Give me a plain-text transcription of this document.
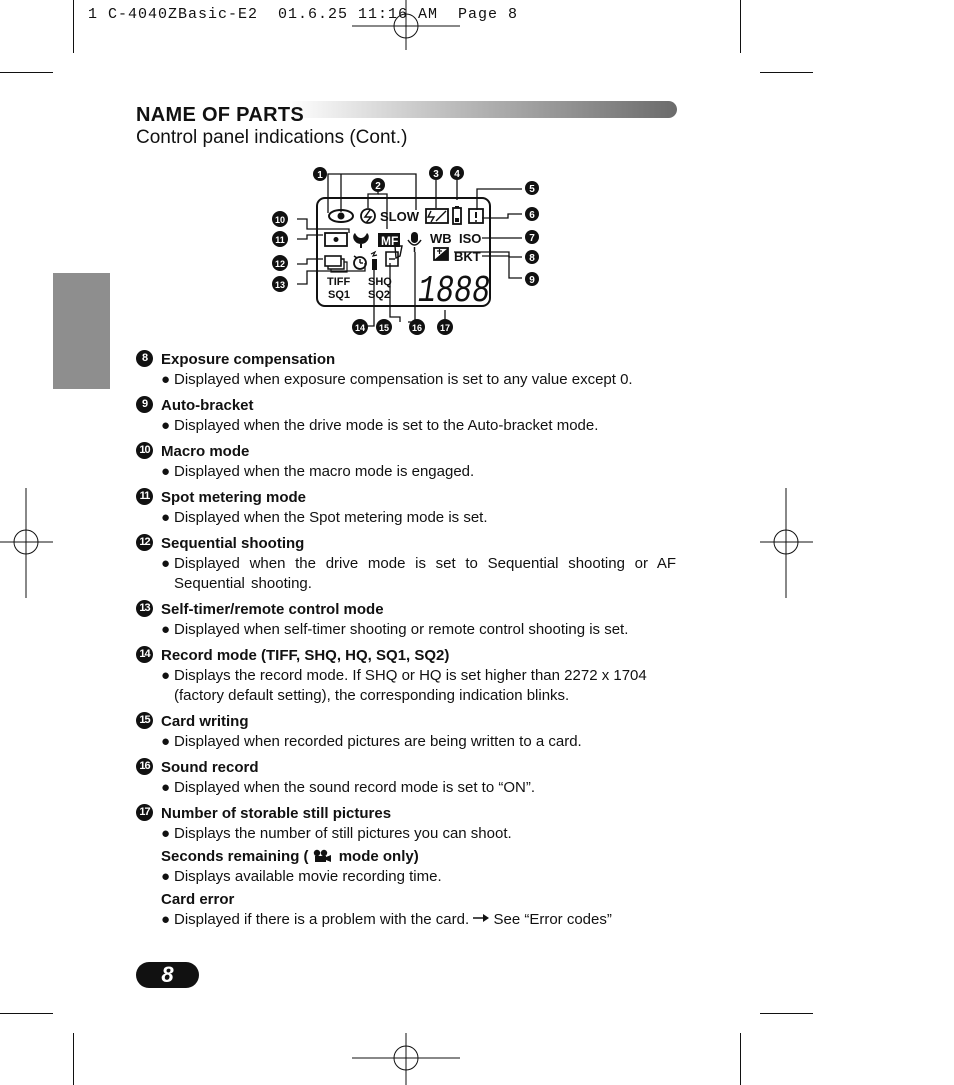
1 C-4040ZBasic-E2  01.6.25 11:16 AM  Page 8
NAME OF PARTS
Control panel indications (Cont.)
1
2
3 4
5
6
7
8
9
10
11
12
13
14 15	16 17
SLOW
MF WB ISO
BKT
1888
TIFF SHQ
SQ1 SQ2
8 Exposure compensation
● Displayed when exposure compensation is set to any value except 0.
9 Auto-bracket
● Displayed when the drive mode is set to the Auto-bracket mode.
10 Macro mode
● Displayed when the macro mode is engaged.
11 Spot metering mode
● Displayed when the Spot metering mode is set.
12 Sequential shooting
● Displayed when the drive mode is set to Sequential shooting or AF Sequential shooting.
13 Self-timer/remote control mode
● Displayed when self-timer shooting or remote control shooting is set.
14 Record mode (TIFF, SHQ, HQ, SQ1, SQ2)
● Displays the record mode. If SHQ or HQ is set higher than 2272 x 1704 (factory default setting), the corresponding indication blinks.
15 Card writing
● Displayed when recorded pictures are being written to a card.
16 Sound record
● Displayed when the sound record mode is set to “ON”.
17 Number of storable still pictures
● Displays the number of still pictures you can shoot.
Seconds remaining ( mode only)
● Displays available movie recording time.
Card error
● Displayed if there is a problem with the card. See “Error codes”
8
